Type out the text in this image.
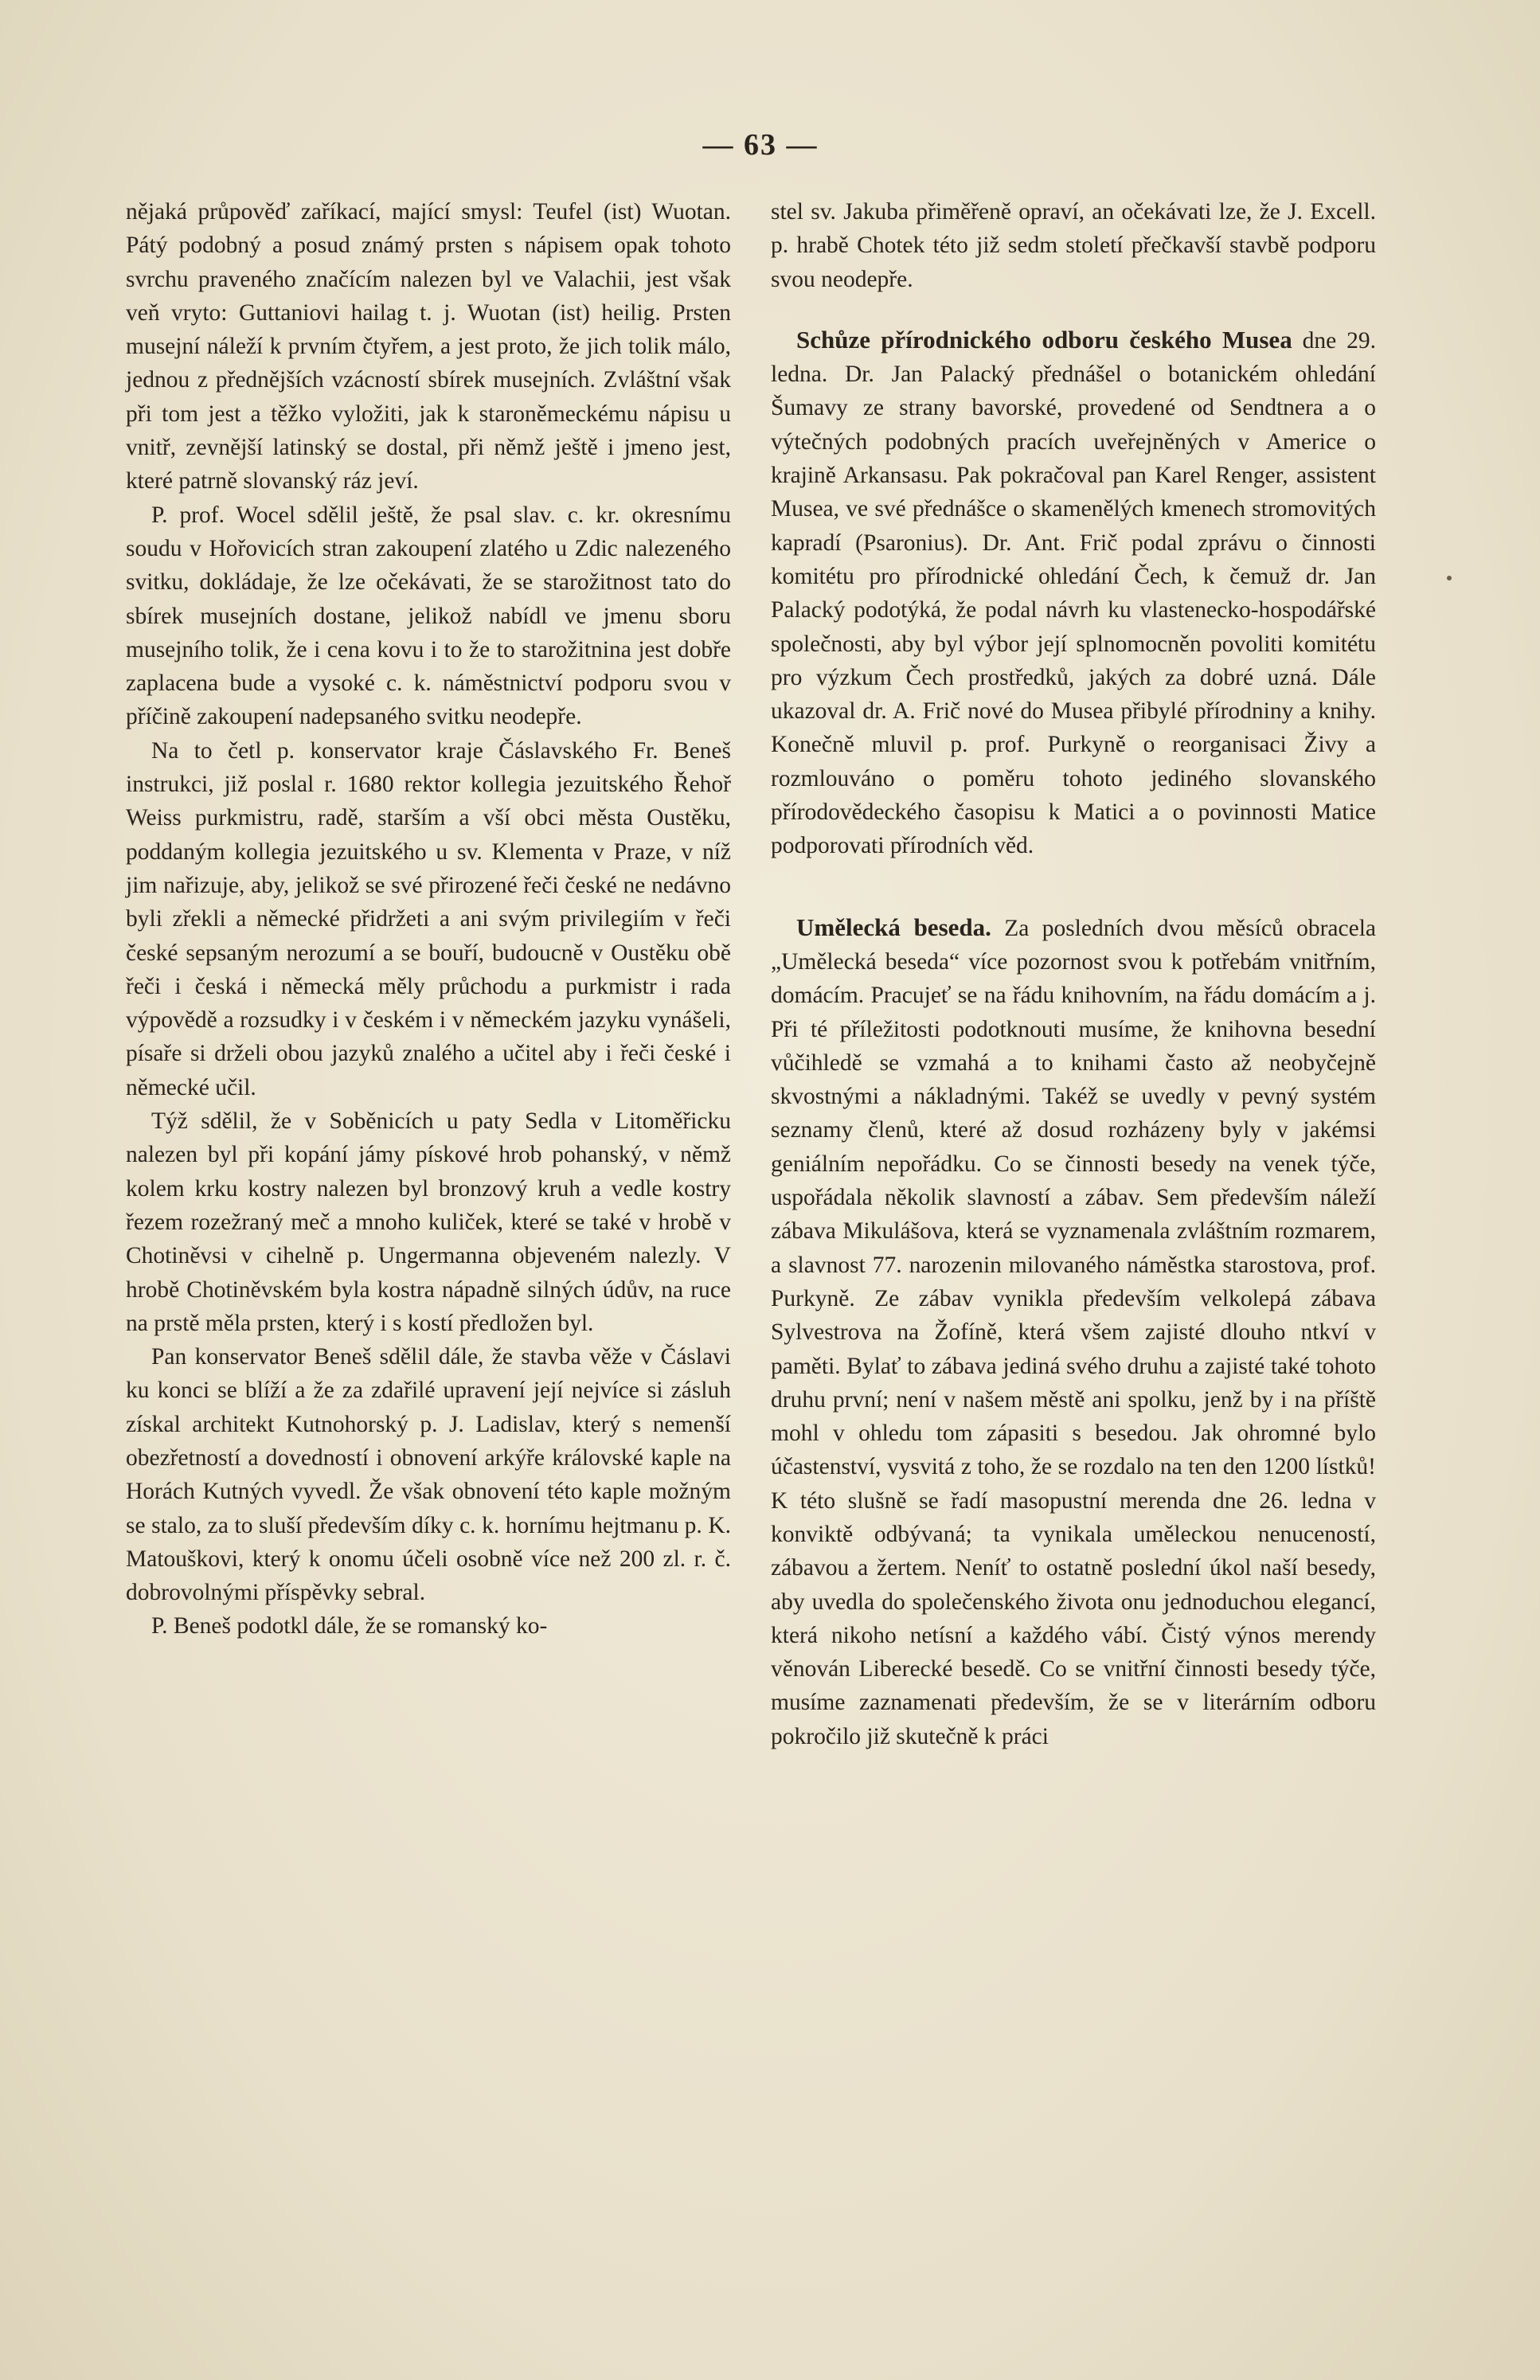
— 63 —

nějaká průpověď zaříkací, mající smysl: Teufel (ist) Wuotan. Pátý podobný a posud známý prsten s nápisem opak tohoto svrchu praveného značícím nalezen byl ve Valachii, jest však veň vryto: Guttaniovi hailag t. j. Wuotan (ist) heilig. Prsten musejní náleží k prvním čtyřem, a jest proto, že jich tolik málo, jednou z přednějších vzácností sbírek musejních. Zvláštní však při tom jest a těžko vyložiti, jak k staroněmeckému nápisu u vnitř, zevnější latinský se dostal, při němž ještě i jmeno jest, které patrně slovanský ráz jeví.

P. prof. Wocel sdělil ještě, že psal slav. c. kr. okresnímu soudu v Hořovicích stran zakoupení zlatého u Zdic nalezeného svitku, dokládaje, že lze očekávati, že se starožitnost tato do sbírek musejních dostane, jelikož nabídl ve jmenu sboru musejního tolik, že i cena kovu i to že to starožitnina jest dobře zaplacena bude a vysoké c. k. náměstnictví podporu svou v příčině zakoupení nadepsaného svitku neodepře.

Na to četl p. konservator kraje Čáslavského Fr. Beneš instrukci, již poslal r. 1680 rektor kollegia jezuitského Řehoř Weiss purkmistru, radě, starším a vší obci města Oustěku, poddaným kollegia jezuitského u sv. Klementa v Praze, v níž jim nařizuje, aby, jelikož se své přirozené řeči české ne nedávno byli zřekli a německé přidržeti a ani svým privilegiím v řeči české sepsaným nerozumí a se bouří, budoucně v Oustěku obě řeči i česká i německá měly průchodu a purkmistr i rada výpovědě a rozsudky i v českém i v německém jazyku vynášeli, písaře si drželi obou jazyků znalého a učitel aby i řeči české i německé učil.

Týž sdělil, že v Soběnicích u paty Sedla v Litoměřicku nalezen byl při kopání jámy pískové hrob pohanský, v němž kolem krku kostry nalezen byl bronzový kruh a vedle kostry řezem rozežraný meč a mnoho kuliček, které se také v hrobě v Chotiněvsi v cihelně p. Ungermanna objeveném nalezly. V hrobě Chotiněvském byla kostra nápadně silných údův, na ruce na prstě měla prsten, který i s kostí předložen byl.

Pan konservator Beneš sdělil dále, že stavba věže v Čáslavi ku konci se blíží a že za zdařilé upravení její nejvíce si zásluh získal architekt Kutnohorský p. J. Ladislav, který s nemenší obezřetností a dovedností i obnovení arkýře královské kaple na Horách Kutných vyvedl. Že však obnovení této kaple možným se stalo, za to sluší především díky c. k. hornímu hejtmanu p. K. Matouškovi, který k onomu účeli osobně více než 200 zl. r. č. dobrovolnými příspěvky sebral.

P. Beneš podotkl dále, že se romanský ko-

stel sv. Jakuba přiměřeně opraví, an očekávati lze, že J. Excell. p. hrabě Chotek této již sedm století přečkavší stavbě podporu svou neodepře.

Schůze přírodnického odboru českého Musea dne 29. ledna. Dr. Jan Palacký přednášel o botanickém ohledání Šumavy ze strany bavorské, provedené od Sendtnera a o výtečných podobných pracích uveřejněných v Americe o krajině Arkansasu. Pak pokračoval pan Karel Renger, assistent Musea, ve své přednášce o skamenělých kmenech stromovitých kapradí (Psaronius). Dr. Ant. Frič podal zprávu o činnosti komitétu pro přírodnické ohledání Čech, k čemuž dr. Jan Palacký podotýká, že podal návrh ku vlastenecko-hospodářské společnosti, aby byl výbor její splnomocněn povoliti komitétu pro výzkum Čech prostředků, jakých za dobré uzná. Dále ukazoval dr. A. Frič nové do Musea přibylé přírodniny a knihy. Konečně mluvil p. prof. Purkyně o reorganisaci Živy a rozmlouváno o poměru tohoto jediného slovanského přírodovědeckého časopisu k Matici a o povinnosti Matice podporovati přírodních věd.

Umělecká beseda. Za posledních dvou měsíců obracela „Umělecká beseda“ více pozornost svou k potřebám vnitřním, domácím. Pracujeť se na řádu knihovním, na řádu domácím a j. Při té příležitosti podotknouti musíme, že knihovna besední vůčihledě se vzmahá a to knihami často až neobyčejně skvostnými a nákladnými. Takéž se uvedly v pevný systém seznamy členů, které až dosud rozházeny byly v jakémsi geniálním nepořádku. Co se činnosti besedy na venek týče, uspořádala několik slavností a zábav. Sem především náleží zábava Mikulášova, která se vyznamenala zvláštním rozmarem, a slavnost 77. narozenin milovaného náměstka starostova, prof. Purkyně. Ze zábav vynikla především velkolepá zábava Sylvestrova na Žofíně, která všem zajisté dlouho ntkví v paměti. Bylať to zábava jediná svého druhu a zajisté také tohoto druhu první; není v našem městě ani spolku, jenž by i na příště mohl v ohledu tom zápasiti s besedou. Jak ohromné bylo účastenství, vysvitá z toho, že se rozdalo na ten den 1200 lístků! K této slušně se řadí masopustní merenda dne 26. ledna v konviktě odbývaná; ta vynikala uměleckou nenuceností, zábavou a žertem. Neníť to ostatně poslední úkol naší besedy, aby uvedla do společenského života onu jednoduchou elegancí, která nikoho netísní a každého vábí. Čistý výnos merendy věnován Liberecké besedě. Co se vnitřní činnosti besedy týče, musíme zaznamenati především, že se v literárním odboru pokročilo již skutečně k práci
